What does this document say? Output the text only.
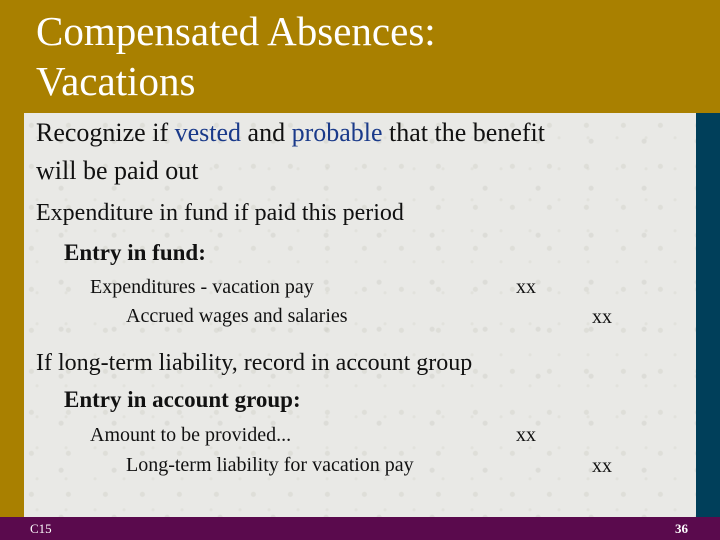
Compensated Absences:
Vacations
Recognize if vested and probable that the benefit
will be paid out
Expenditure in fund if paid this period
Entry in fund:
Expenditures - vacation pay	xx
Accrued wages and salaries	xx
If long-term liability, record in account group
Entry in account group:
Amount to be provided...	xx
Long-term liability for vacation pay	xx
C15	36
